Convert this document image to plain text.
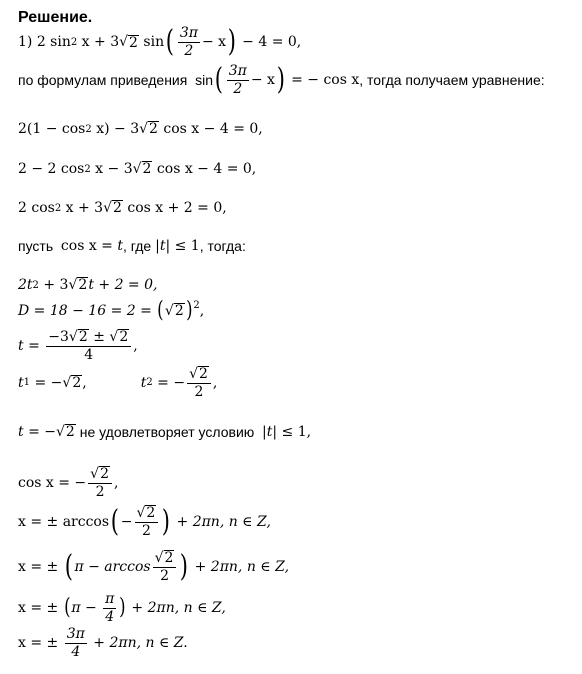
Решение.
1) 2 sin 2 x + 3 √ 2 sin ( $\frac{3\pi}{2} - x$ ) − 4 = 0,
по формулам приведения  sin ( $\frac{3\pi}{2} - x$ ) = − cos x , тогда получаем уравнение:
2(1 − cos 2 x) − 3 √ 2 cos x − 4 = 0,
2 − 2 cos 2 x − 3 √ 2 cos x − 4 = 0,
2 cos 2 x + 3 √ 2 cos x + 2 = 0,
пусть cos x = t , где |t| ≤ 1 , тогда:
2t 2 + 3 √ 2 t + 2 = 0,
D = 18 − 16 = 2 = ( √ 2 )$^2$ ,
$t = \frac{-3 √ 2 \pm √ 2}{4}$ ,
t 1 = − √ 2 ,	t 2 = − $\frac{√ 2}{2}$ ,
t = − √ 2 не удовлетворяет условию |t| ≤ 1,
cos x = − $\frac{√ 2}{2}$ ,
x = ± arccos ( − $\frac{√ 2}{2}$ ) + 2πn, n ∈ Z,
x = ± ( $\pi - \arccos \frac{√ 2}{2}$ ) + 2πn, n ∈ Z,
x = ± ( $\pi - \frac{\pi}{4}$ ) + 2πn, n ∈ Z,
x = ± $\frac{3\pi}{4} + 2\pi n$, n ∈ Z.
